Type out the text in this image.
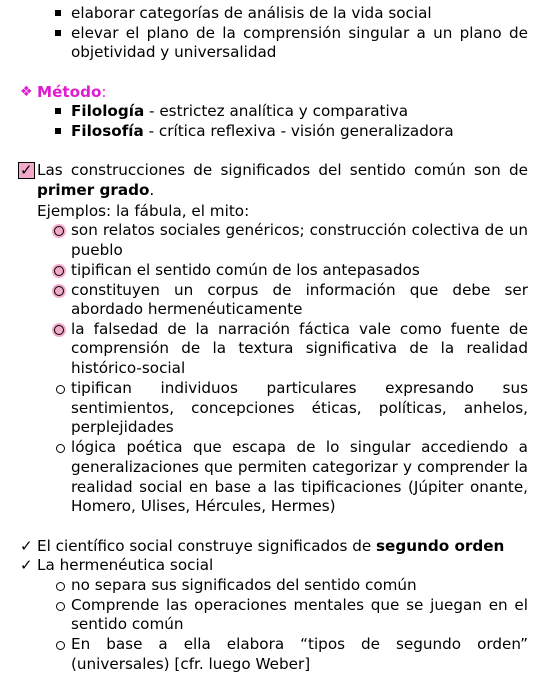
elaborar categorías de análisis de la vida social
elevar el plano de la comprensión singular a un plano de
objetividad y universalidad
❖ Método:
Filología - estrictez analítica y comparativa
Filosofía - crítica reflexiva - visión generalizadora
✓ Las construcciones de significados del sentido común son de
primer grado.
Ejemplos: la fábula, el mito:
son relatos sociales genéricos; construcción colectiva de un
pueblo
tipifican el sentido común de los antepasados
constituyen un corpus de información que debe ser
abordado hermenéuticamente
la falsedad de la narración fáctica vale como fuente de
comprensión de la textura significativa de la realidad
histórico-social
tipifican individuos particulares expresando sus
sentimientos, concepciones éticas, políticas, anhelos,
perplejidades
lógica poética que escapa de lo singular accediendo a
generalizaciones que permiten categorizar y comprender la
realidad social en base a las tipificaciones (Júpiter onante,
Homero, Ulises, Hércules, Hermes)
✓ El científico social construye significados de segundo orden
✓ La hermenéutica social
no separa sus significados del sentido común
Comprende las operaciones mentales que se juegan en el
sentido común
En base a ella elabora “tipos de segundo orden”
(universales) [cfr. luego Weber]
